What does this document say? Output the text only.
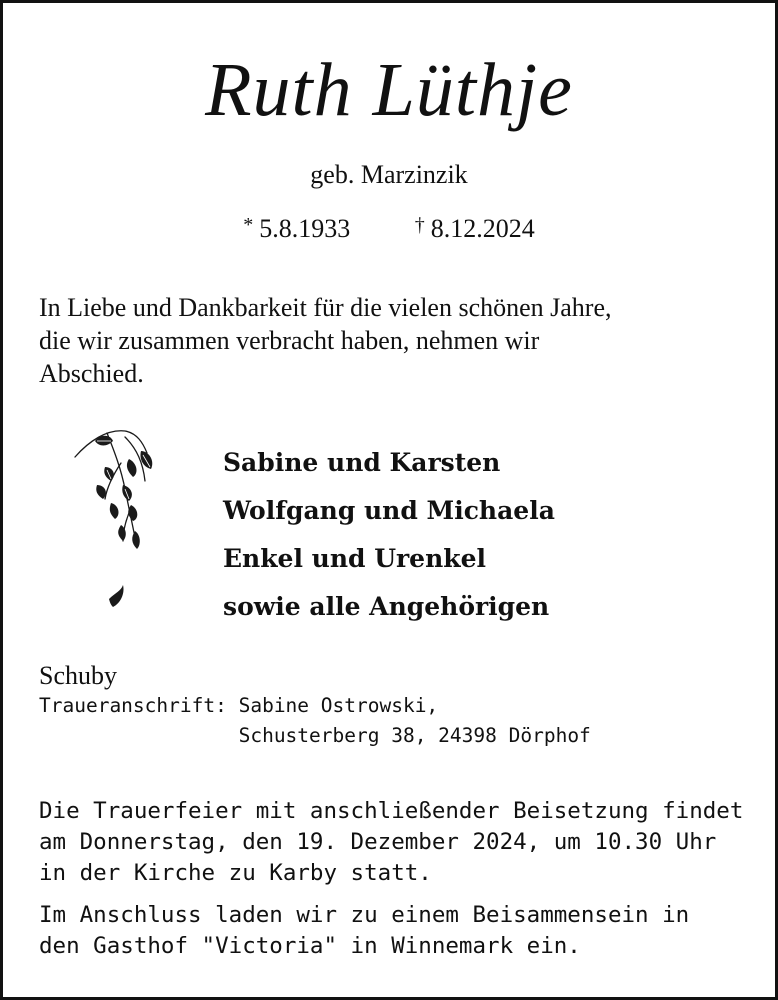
Ruth Lüthje
geb. Marzinzik
* 5.8.1933	† 8.12.2024
In Liebe und Dankbarkeit für die vielen schönen Jahre,
die wir zusammen verbracht haben, nehmen wir
Abschied.
Sabine und Karsten
Wolfgang und Michaela
Enkel und Urenkel
sowie alle Angehörigen
Schuby
Traueranschrift: Sabine Ostrowski,
Schusterberg 38, 24398 Dörphof
Die Trauerfeier mit anschließender Beisetzung findet
am Donnerstag, den 19. Dezember 2024, um 10.30 Uhr
in der Kirche zu Karby statt.
Im Anschluss laden wir zu einem Beisammensein in
den Gasthof "Victoria" in Winnemark ein.
